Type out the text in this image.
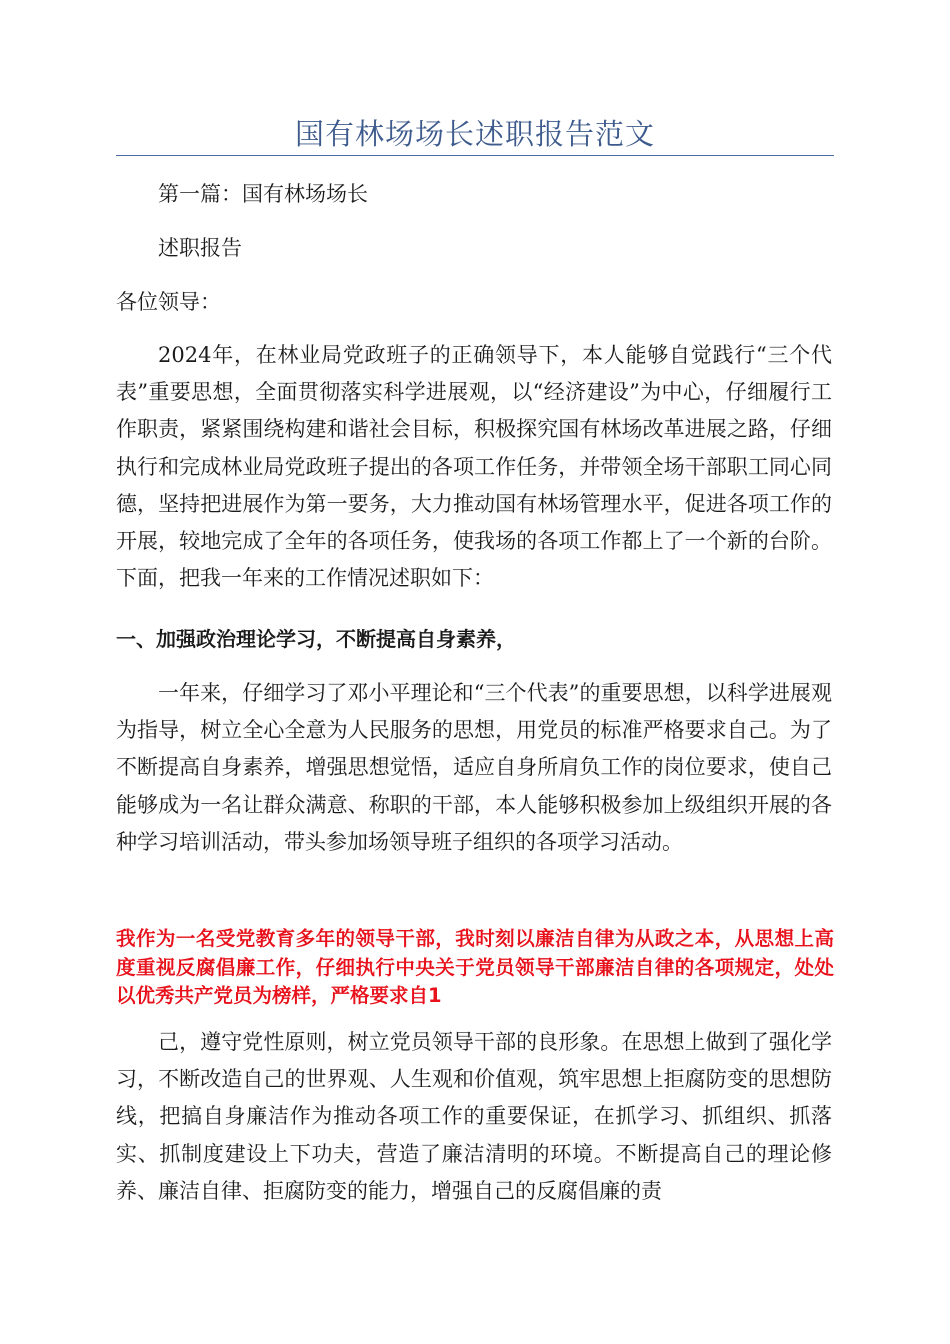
国有林场场长述职报告范文

第一篇：国有林场场长

述职报告

各位领导：

2024年，在林业局党政班子的正确领导下，本人能够自觉践行“三个代表”重要思想，全面贯彻落实科学进展观，以“经济建设”为中心，仔细履行工作职责，紧紧围绕构建和谐社会目标，积极探究国有林场改革进展之路，仔细执行和完成林业局党政班子提出的各项工作任务，并带领全场干部职工同心同德，坚持把进展作为第一要务，大力推动国有林场管理水平，促进各项工作的开展，较地完成了全年的各项任务，使我场的各项工作都上了一个新的台阶。下面，把我一年来的工作情况述职如下：

一、加强政治理论学习，不断提高自身素养，

一年来，仔细学习了邓小平理论和“三个代表”的重要思想，以科学进展观为指导，树立全心全意为人民服务的思想，用党员的标准严格要求自己。为了不断提高自身素养，增强思想觉悟，适应自身所肩负工作的岗位要求，使自己能够成为一名让群众满意、称职的干部，本人能够积极参加上级组织开展的各种学习培训活动，带头参加场领导班子组织的各项学习活动。

我作为一名受党教育多年的领导干部，我时刻以廉洁自律为从政之本，从思想上高度重视反腐倡廉工作，仔细执行中央关于党员领导干部廉洁自律的各项规定，处处以优秀共产党员为榜样，严格要求自1

己，遵守党性原则，树立党员领导干部的良形象。在思想上做到了强化学习，不断改造自己的世界观、人生观和价值观，筑牢思想上拒腐防变的思想防线，把搞自身廉洁作为推动各项工作的重要保证，在抓学习、抓组织、抓落实、抓制度建设上下功夫，营造了廉洁清明的环境。不断提高自己的理论修养、廉洁自律、拒腐防变的能力，增强自己的反腐倡廉的责
